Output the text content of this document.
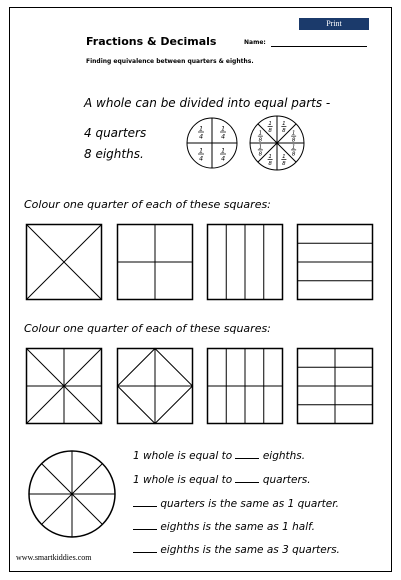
Print
Fractions & Decimals	Name:
Finding equivalence between quarters & eighths.
A whole can be divided into equal parts -
4 quarters
8 eighths.
1
4
1
4
1
4
1
4
1
8 1
8
1
8
1
8
1
8
1
8
1
8
1
8
Colour one quarter of each of these squares:
Colour one quarter of each of these squares:
1 whole is equal to	eighths.
1 whole is equal to	quarters.
quarters is the same as 1 quarter.
eighths is the same as 1 half.
eighths is the same as 3 quarters.
www.smartkiddies.com
